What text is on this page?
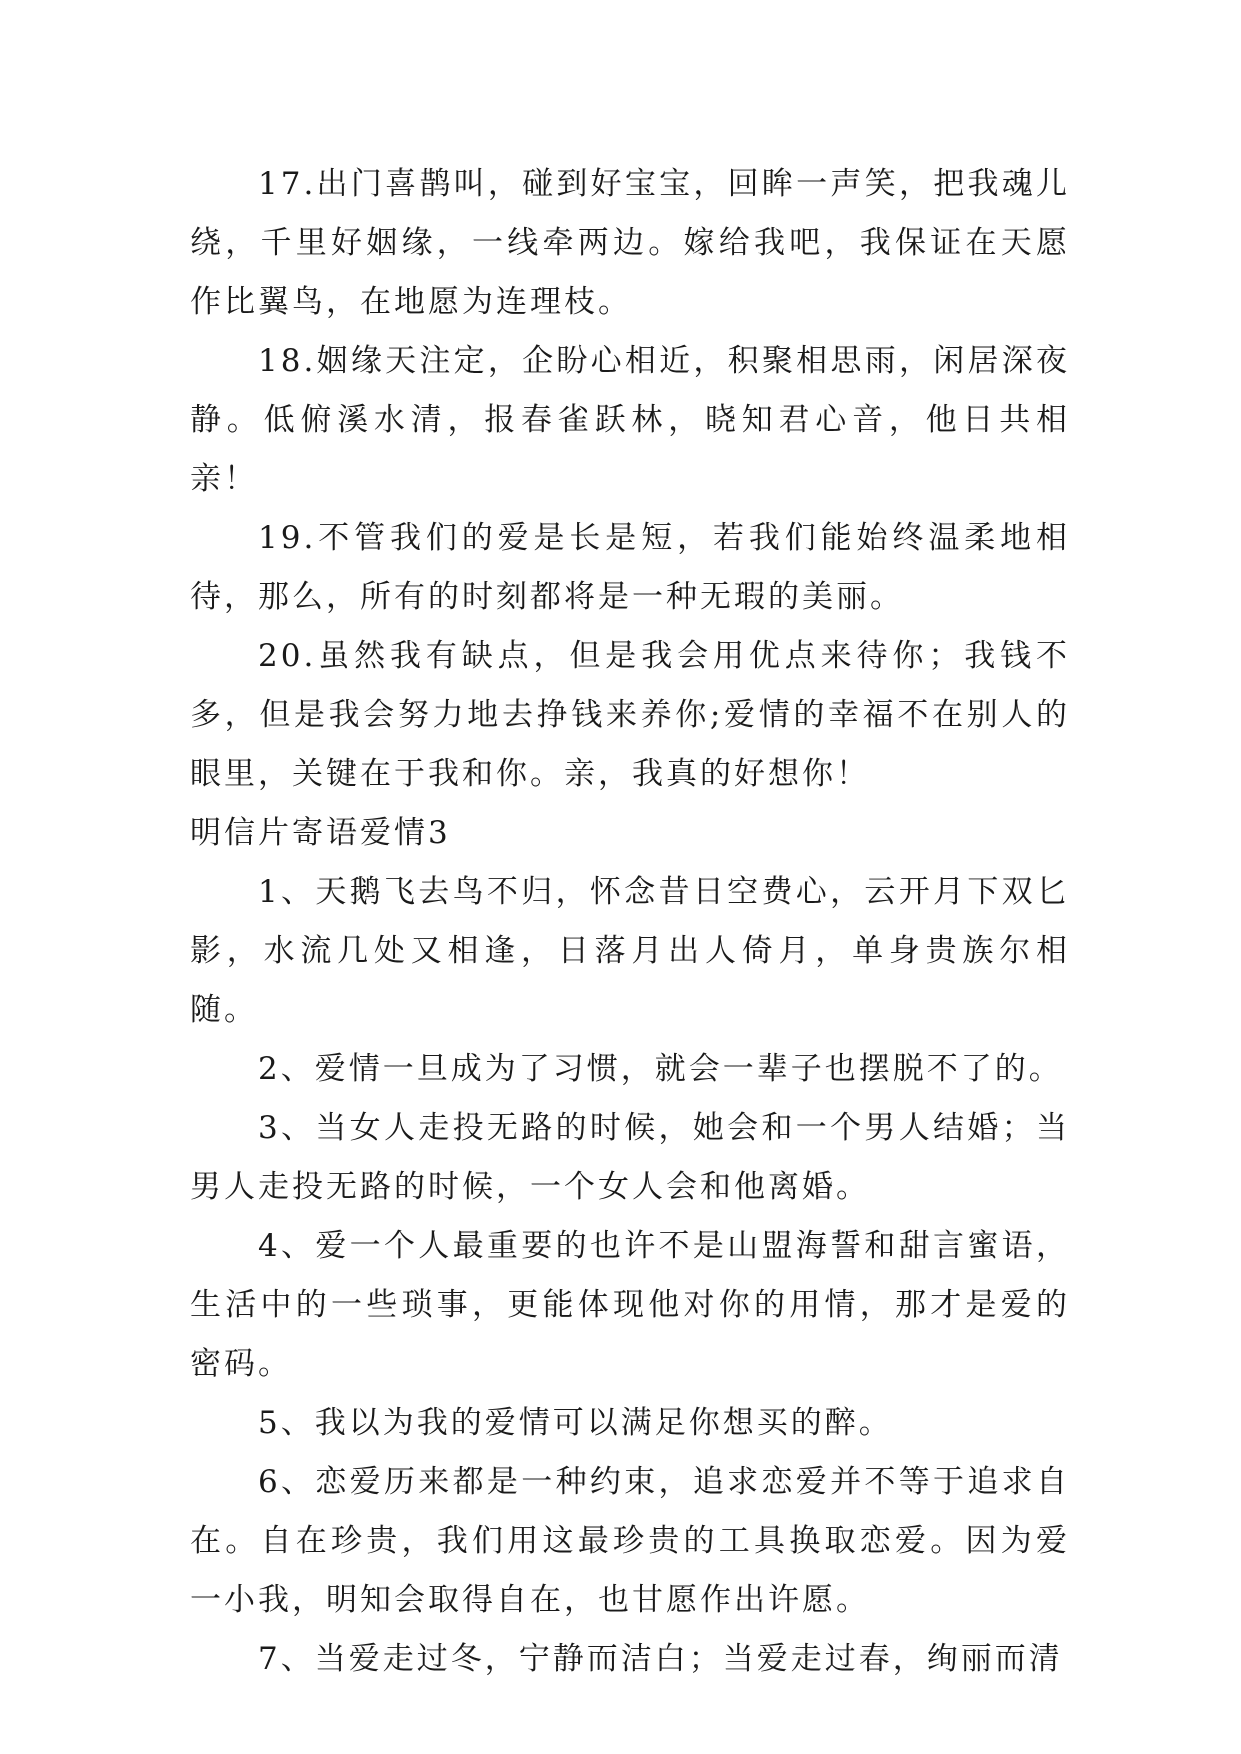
17.出门喜鹊叫，碰到好宝宝，回眸一声笑，把我魂儿绕，千里好姻缘，一线牵两边。嫁给我吧，我保证在天愿作比翼鸟，在地愿为连理枝。

18.姻缘天注定，企盼心相近，积聚相思雨，闲居深夜静。低俯溪水清，报春雀跃林，晓知君心音，他日共相亲！

19.不管我们的爱是长是短，若我们能始终温柔地相待，那么，所有的时刻都将是一种无瑕的美丽。

20.虽然我有缺点，但是我会用优点来待你；我钱不多，但是我会努力地去挣钱来养你;爱情的幸福不在别人的眼里，关键在于我和你。亲，我真的好想你！

明信片寄语爱情3

1、天鹅飞去鸟不归，怀念昔日空费心，云开月下双匕影，水流几处又相逢，日落月出人倚月，单身贵族尔相随。

2、爱情一旦成为了习惯，就会一辈子也摆脱不了的。

3、当女人走投无路的时候，她会和一个男人结婚；当男人走投无路的时候，一个女人会和他离婚。

4、爱一个人最重要的也许不是山盟海誓和甜言蜜语，生活中的一些琐事，更能体现他对你的用情，那才是爱的密码。

5、我以为我的爱情可以满足你想买的醉。

6、恋爱历来都是一种约束，追求恋爱并不等于追求自在。自在珍贵，我们用这最珍贵的工具换取恋爱。因为爱一小我，明知会取得自在，也甘愿作出许愿。

7、当爱走过冬，宁静而洁白；当爱走过春，绚丽而清
